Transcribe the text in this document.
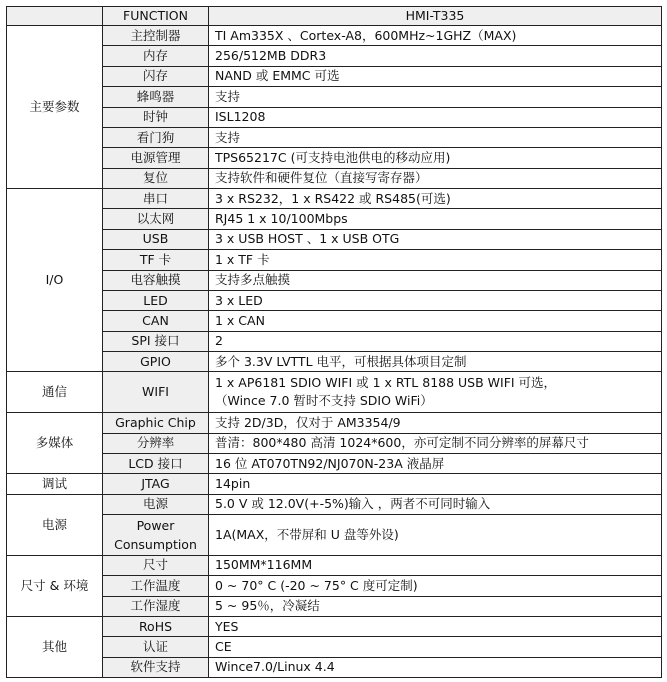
	FUNCTION	HMI-T335
主要参数	主控制器	TI Am335X 、Cortex-A8，600MHz~1GHZ（MAX)

	内存	256/512MB DDR3

	闪存	NAND 或 EMMC 可选

	蜂鸣器	支持

	时钟	ISL1208

	看门狗	支持

	电源管理	TPS65217C (可支持电池供电的移动应用)

	复位	支持软件和硬件复位（直接写寄存器）

I/O	串口	3 x RS232，1 x RS422 或 RS485(可选)

	以太网	RJ45 1 x 10/100Mbps

	USB	3 x USB HOST 、1 x USB OTG

	TF 卡	1 x TF 卡

	电容触摸	支持多点触摸

	LED	3 x LED

	CAN	1 x CAN

	SPI 接口	2

	GPIO	多个 3.3V LVTTL 电平，可根据具体项目定制

通信	WIFI	1 x AP6181 SDIO WIFI 或 1 x RTL 8188 USB WIFI 可选，
（Wince 7.0 暂时不支持 SDIO WiFi）

多媒体	Graphic Chip	支持 2D/3D，仅对于 AM3354/9

	分辨率	普清：800*480 高清 1024*600，亦可定制不同分辨率的屏幕尺寸

	LCD 接口	16 位 AT070TN92/NJ070N-23A 液晶屏

调试	JTAG	14pin

电源	电源	5.0 V 或 12.0V(+-5%)输入 ，两者不可同时输入

	Power Consumption	1A(MAX，不带屏和 U 盘等外设)

尺寸 & 环境	尺寸	150MM*116MM

	工作温度	0 ~ 70° C (-20 ~ 75° C 度可定制)

	工作湿度	5 ~ 95％，冷凝结

其他	RoHS	YES

	认证	CE

	软件支持	Wince7.0/Linux 4.4
